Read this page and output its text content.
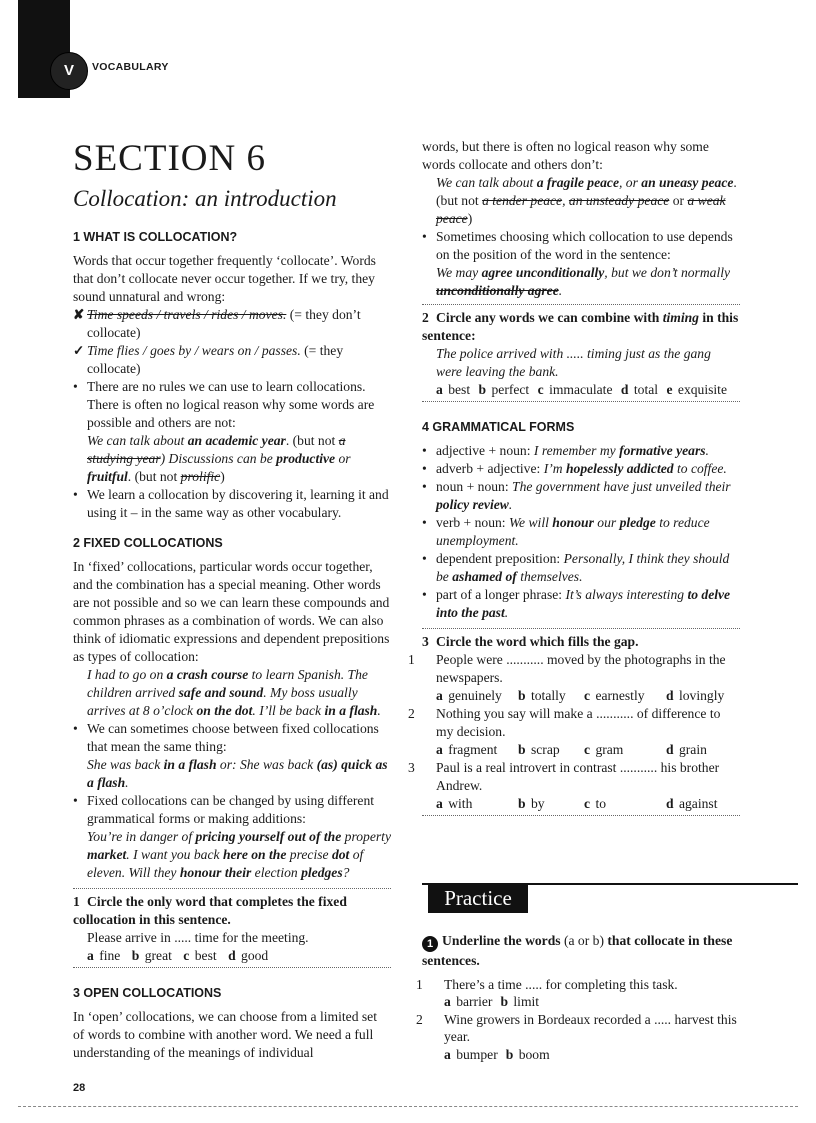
V	VOCABULARY
SECTION 6
Collocation: an introduction
1 WHAT IS COLLOCATION?

Words that occur together frequently ‘collocate’. Words that don’t collocate never occur together. If we try, they sound unnatural and wrong:

✘ Time speeds / travels / rides / moves. (= they don’t collocate)
✓ Time flies / goes by / wears on / passes. (= they collocate)

• There are no rules we can use to learn collocations. There is often no logical reason why some words are possible and others are not:

We can talk about an academic year. (but not a studying year) Discussions can be productive or fruitful. (but not prolific)

• We learn a collocation by discovering it, learning it and using it – in the same way as other vocabulary.

2 FIXED COLLOCATIONS

In ‘fixed’ collocations, particular words occur together, and the combination has a special meaning. Other words are not possible and so we can learn these compounds and common phrases as a combination of words. We can also think of idiomatic expressions and dependent prepositions as types of collocation:

I had to go on a crash course to learn Spanish. The children arrived safe and sound. My boss usually arrives at 8 o’clock on the dot. I’ll be back in a flash.

• We can sometimes choose between fixed collocations that mean the same thing:

She was back in a flash or: She was back (as) quick as a flash.

• Fixed collocations can be changed by using different grammatical forms or making additions:

You’re in danger of pricing yourself out of the property market. I want you back here on the precise dot of eleven. Will they honour their election pledges?

1 Circle the only word that completes the fixed collocation in this sentence.

Please arrive in ..... time for the meeting.

a fine b great c best d good

3 OPEN COLLOCATIONS

In ‘open’ collocations, we can choose from a limited set of words to combine with another word. We need a full understanding of the meanings of individual

words, but there is often no logical reason why some words collocate and others don’t:

We can talk about a fragile peace, or an uneasy peace. (but not a tender peace, an unsteady peace or a weak peace)

• Sometimes choosing which collocation to use depends on the position of the word in the sentence:

We may agree unconditionally, but we don’t normally unconditionally agree.

2 Circle any words we can combine with timing in this sentence:

The police arrived with ..... timing just as the gang were leaving the bank.

a best b perfect c immaculate d total e exquisite

4 GRAMMATICAL FORMS

• adjective + noun: I remember my formative years.

• adverb + adjective: I’m hopelessly addicted to coffee.

• noun + noun: The government have just unveiled their policy review.

• verb + noun: We will honour our pledge to reduce unemployment.

• dependent preposition: Personally, I think they should be ashamed of themselves.

• part of a longer phrase: It’s always interesting to delve into the past.

3 Circle the word which fills the gap.

1 People were ........... moved by the photographs in the newspapers.

a genuinely b totally c earnestly d lovingly

2 Nothing you say will make a ........... of difference to my decision.

a fragment b scrap c gram	d grain

3 Paul is a real introvert in contrast ........... his brother Andrew.

a with	b by	c to	d against

Practice

1 Underline the words (a or b) that collocate in these sentences.

1 There’s a time ..... for completing this task.

a barrier b limit

2 Wine growers in Bordeaux recorded a ..... harvest this year.

a bumper b boom

28
